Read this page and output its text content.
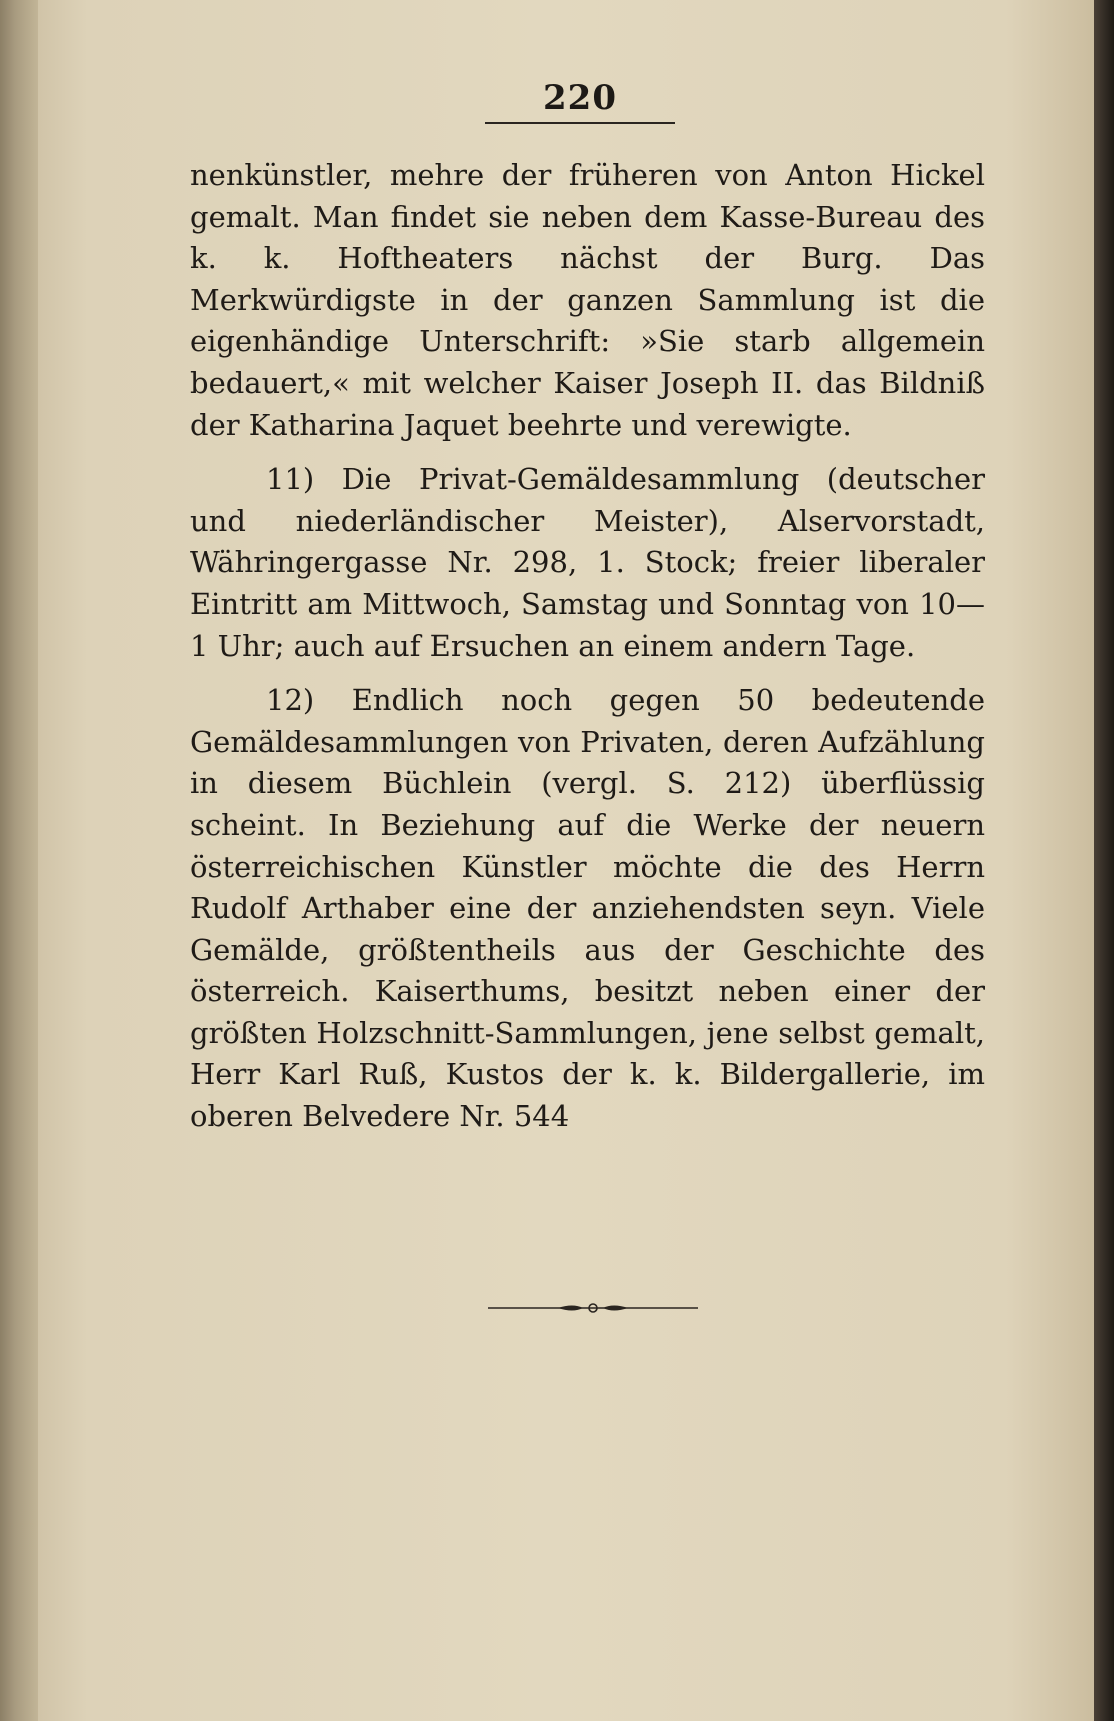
220

nenkünstler, mehre der früheren von Anton Hickel gemalt. Man findet sie neben dem Kasse-Bureau des k. k. Hoftheaters nächst der Burg. Das Merkwürdigste in der ganzen Sammlung ist die eigenhändige Unterschrift: »Sie starb allgemein bedauert,« mit welcher Kaiser Joseph II. das Bildniß der Katharina Jaquet beehrte und verewigte.

11) Die Privat-Gemäldesammlung (deutscher und niederländischer Meister), Alservorstadt, Währingergasse Nr. 298, 1. Stock; freier liberaler Eintritt am Mittwoch, Samstag und Sonntag von 10—1 Uhr; auch auf Ersuchen an einem andern Tage.

12) Endlich noch gegen 50 bedeutende Gemäldesammlungen von Privaten, deren Aufzählung in diesem Büchlein (vergl. S. 212) überflüssig scheint. In Beziehung auf die Werke der neuern österreichischen Künstler möchte die des Herrn Rudolf Arthaber eine der anziehendsten seyn. Viele Gemälde, größtentheils aus der Geschichte des österreich. Kaiserthums, besitzt neben einer der größten Holzschnitt-Sammlungen, jene selbst gemalt, Herr Karl Ruß, Kustos der k. k. Bildergallerie, im oberen Belvedere Nr. 544
